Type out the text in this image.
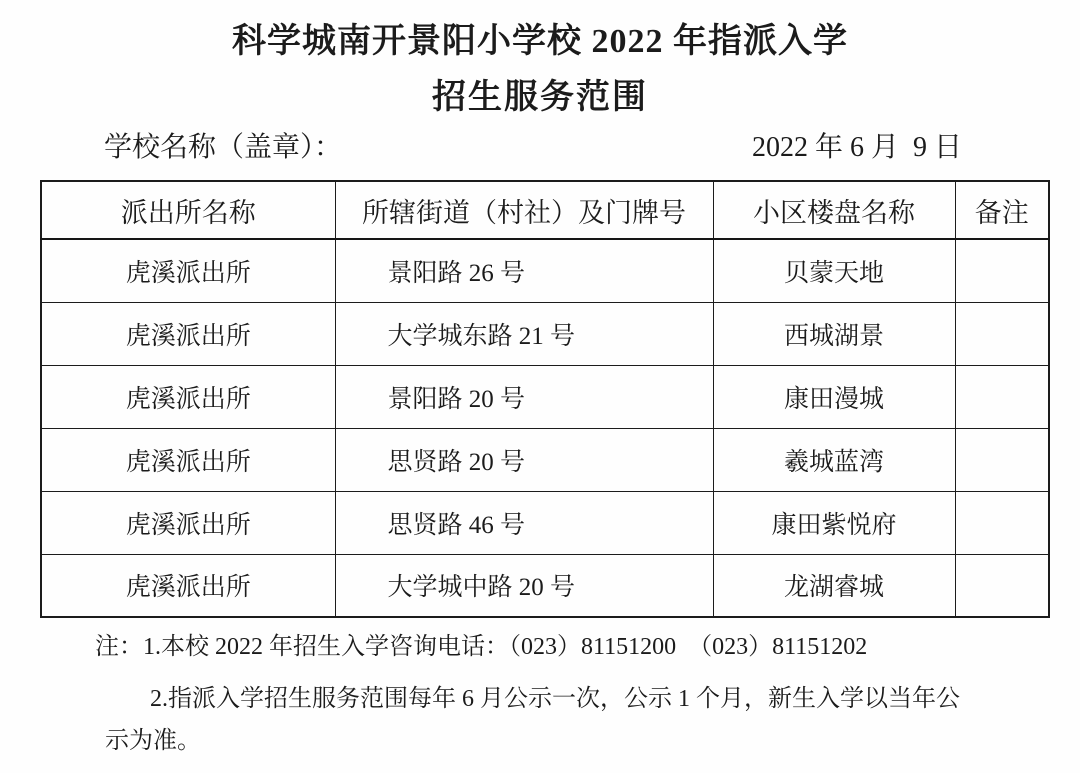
科学城南开景阳小学校 2022 年指派入学
招生服务范围
学校名称（盖章）：	2022 年 6 月  9 日
派出所名称	所辖街道（村社）及门牌号	小区楼盘名称	备注
虎溪派出所	景阳路 26 号	贝蒙天地	
虎溪派出所	大学城东路 21 号	西城湖景	
虎溪派出所	景阳路 20 号	康田漫城	
虎溪派出所	思贤路 20 号	羲城蓝湾	
虎溪派出所	思贤路 46 号	康田紫悦府	
虎溪派出所	大学城中路 20 号	龙湖睿城	
注：1.本校 2022 年招生入学咨询电话：（023）81151200  （023）81151202
2.指派入学招生服务范围每年 6 月公示一次，公示 1 个月，新生入学以当年公
示为准。
